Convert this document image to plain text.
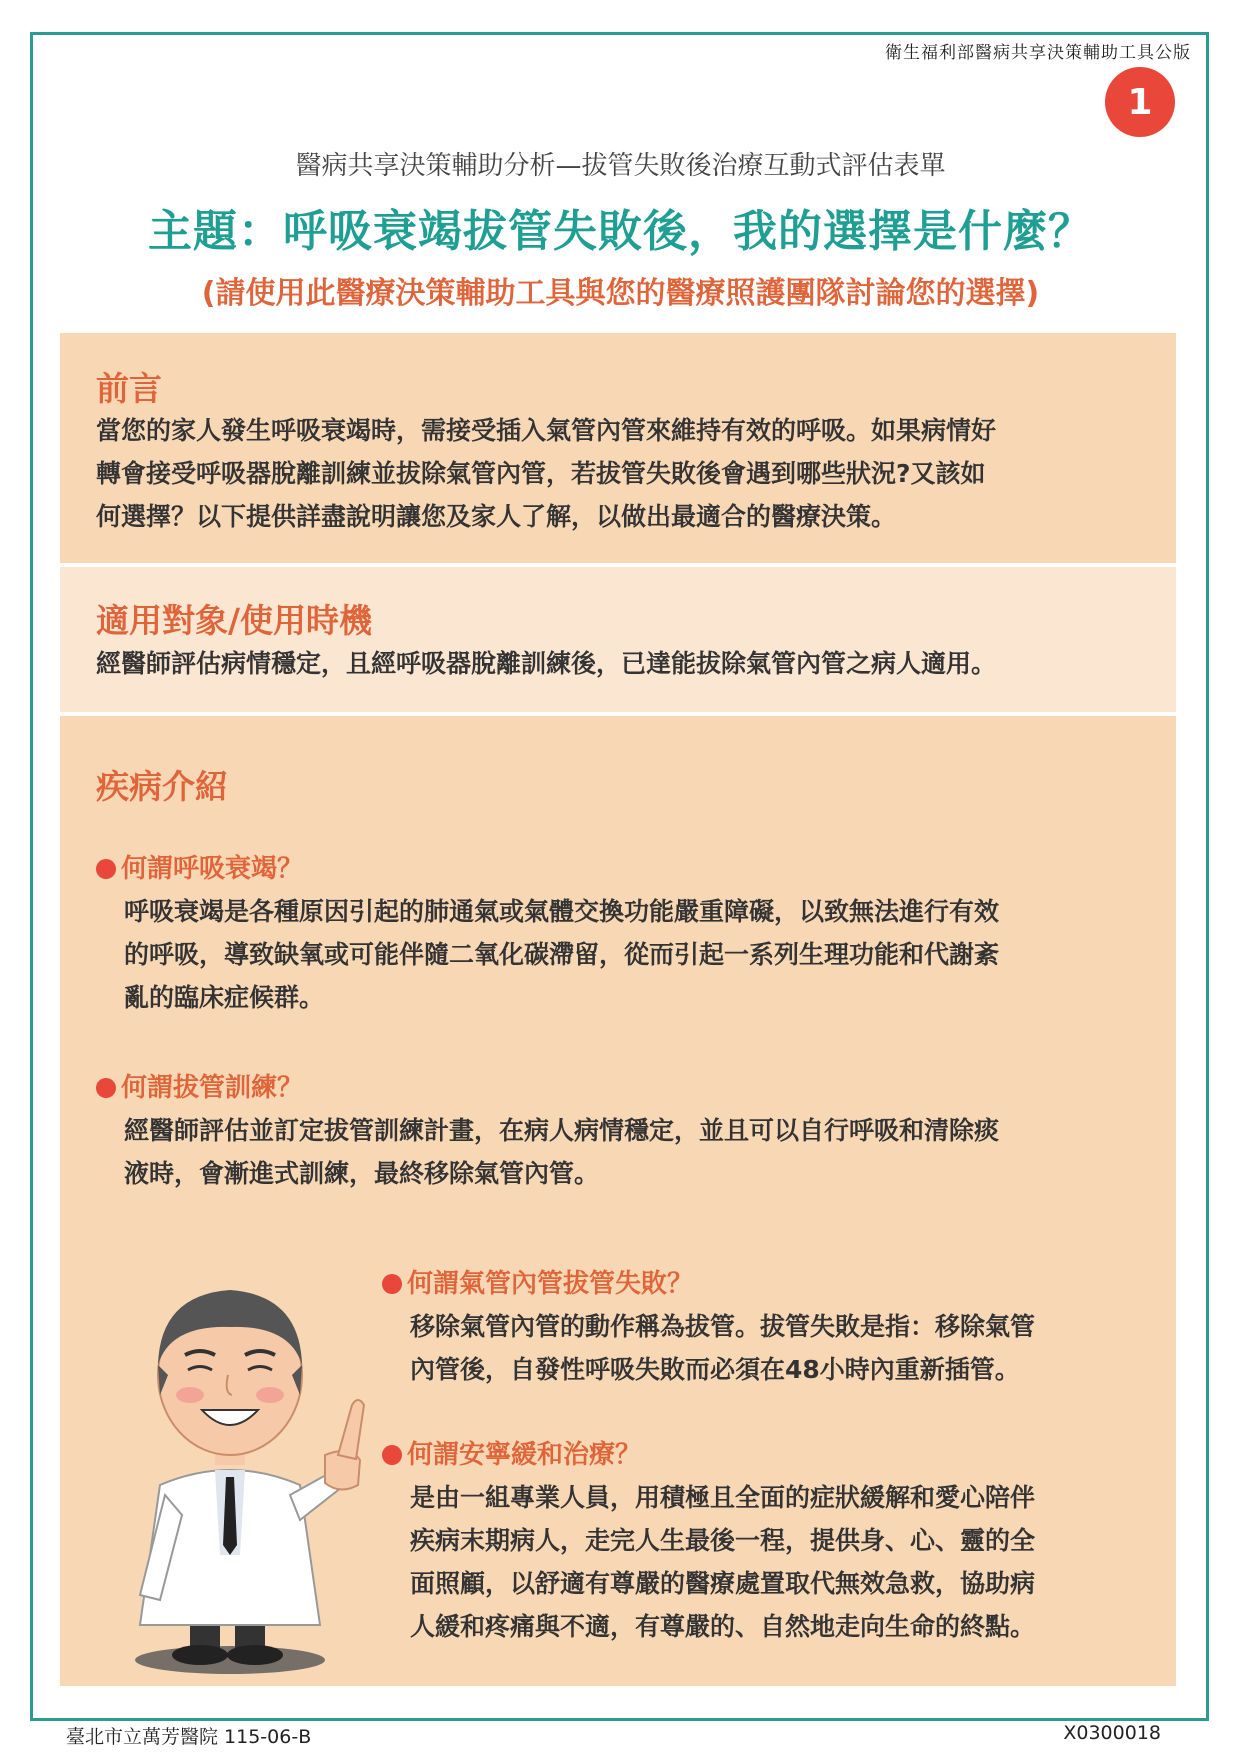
衛生福利部醫病共享決策輔助工具公版
1
醫病共享決策輔助分析—拔管失敗後治療互動式評估表單
主題：呼吸衰竭拔管失敗後，我的選擇是什麼？
(請使用此醫療決策輔助工具與您的醫療照護團隊討論您的選擇)
前言
當您的家人發生呼吸衰竭時，需接受插入氣管內管來維持有效的呼吸。如果病情好
轉會接受呼吸器脫離訓練並拔除氣管內管，若拔管失敗後會遇到哪些狀況?又該如
何選擇？以下提供詳盡說明讓您及家人了解，以做出最適合的醫療決策。
適用對象/使用時機
經醫師評估病情穩定，且經呼吸器脫離訓練後，已達能拔除氣管內管之病人適用。
疾病介紹
何謂呼吸衰竭？
呼吸衰竭是各種原因引起的肺通氣或氣體交換功能嚴重障礙，以致無法進行有效
的呼吸，導致缺氧或可能伴隨二氧化碳滯留，從而引起一系列生理功能和代謝紊
亂的臨床症候群。
何謂拔管訓練？
經醫師評估並訂定拔管訓練計畫，在病人病情穩定，並且可以自行呼吸和清除痰
液時，會漸進式訓練，最終移除氣管內管。
何謂氣管內管拔管失敗？
移除氣管內管的動作稱為拔管。拔管失敗是指：移除氣管
內管後，自發性呼吸失敗而必須在48小時內重新插管。
何謂安寧緩和治療？
是由一組專業人員，用積極且全面的症狀緩解和愛心陪伴
疾病末期病人，走完人生最後一程，提供身、心、靈的全
面照顧，以舒適有尊嚴的醫療處置取代無效急救，協助病
人緩和疼痛與不適，有尊嚴的、自然地走向生命的終點。
臺北市立萬芳醫院 115-06-B	X0300018
